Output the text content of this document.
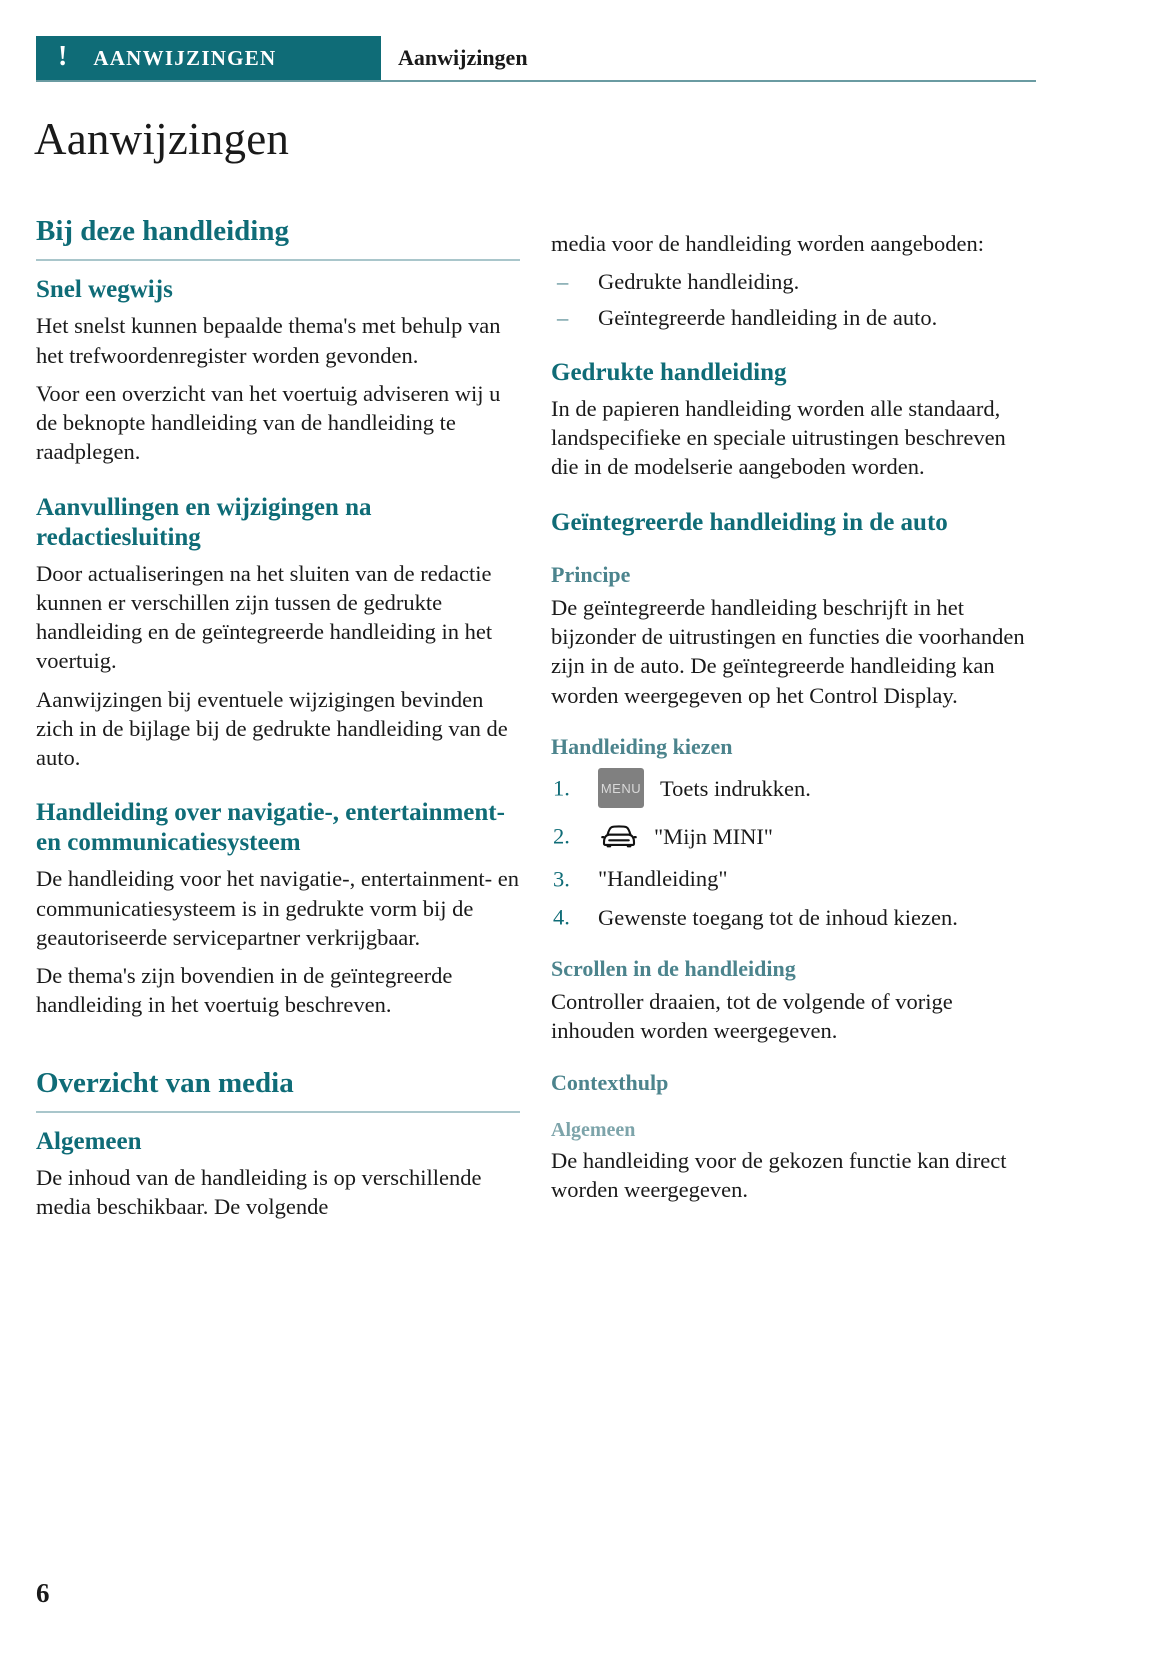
! AANWIJZINGEN	Aanwijzingen
Aanwijzingen
Bij deze handleiding
Snel wegwijs

Het snelst kunnen bepaalde thema's met behulp van het trefwoordenregister worden gevonden.

Voor een overzicht van het voertuig adviseren wij u de beknopte handleiding van de handleiding te raadplegen.

Aanvullingen en wijzigingen na redactiesluiting

Door actualiseringen na het sluiten van de redactie kunnen er verschillen zijn tussen de gedrukte handleiding en de geïntegreerde handleiding in het voertuig.

Aanwijzingen bij eventuele wijzigingen bevinden zich in de bijlage bij de gedrukte handleiding van de auto.

Handleiding over navigatie-, entertainment- en communicatiesysteem

De handleiding voor het navigatie-, entertainment- en communicatiesysteem is in gedrukte vorm bij de geautoriseerde servicepartner verkrijgbaar.

De thema's zijn bovendien in de geïntegreerde handleiding in het voertuig beschreven.

Overzicht van media
Algemeen

De inhoud van de handleiding is op verschillende media beschikbaar. De volgende

media voor de handleiding worden aangeboden:

– Gedrukte handleiding.
– Geïntegreerde handleiding in de auto.
Gedrukte handleiding

In de papieren handleiding worden alle standaard, landspecifieke en speciale uitrustingen beschreven die in de modelserie aangeboden worden.

Geïntegreerde handleiding in de auto
Principe

De geïntegreerde handleiding beschrijft in het bijzonder de uitrustingen en functies die voorhanden zijn in de auto. De geïntegreerde handleiding kan worden weergegeven op het Control Display.

Handleiding kiezen
1. MENU Toets indrukken.
2.	"Mijn MINI"
3. "Handleiding"
4. Gewenste toegang tot de inhoud kiezen.
Scrollen in de handleiding

Controller draaien, tot de volgende of vorige inhouden worden weergegeven.

Contexthulp
Algemeen

De handleiding voor de gekozen functie kan direct worden weergegeven.

6
